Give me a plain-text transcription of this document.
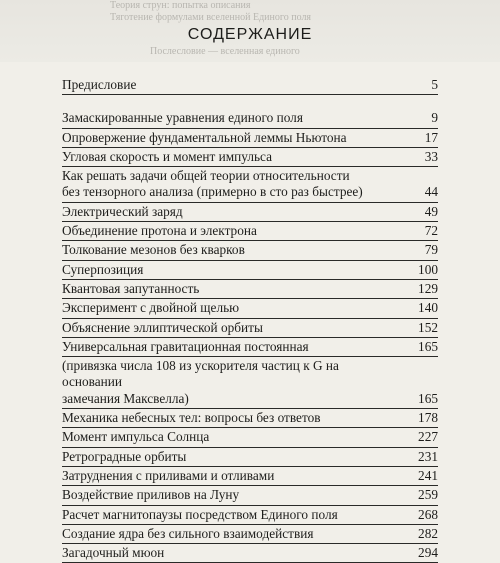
Теория струн: попытка описания
Тяготение формулами вселенной Единого поля
Послесловие — вселенная единого
СОДЕРЖАНИЕ
Предисловие	5
Замаскированные уравнения единого поля	9
Опровержение фундаментальной леммы Ньютона	17
Угловая скорость и момент импульса	33
Как решать задачи общей теории относительности
без тензорного анализа (примерно в сто раз быстрее)	44
Электрический заряд	49
Объединение протона и электрона	72
Толкование мезонов без кварков	79
Суперпозиция	100
Квантовая запутанность	129
Эксперимент с двойной щелью	140
Объяснение эллиптической орбиты	152
Универсальная гравитационная постоянная	165
(привязка числа 108 из ускорителя частиц к G на основании
замечания Максвелла)	165
Механика небесных тел: вопросы без ответов	178
Момент импульса Солнца	227
Ретроградные орбиты	231
Затруднения с приливами и отливами	241
Воздействие приливов на Луну	259
Расчет магнитопаузы посредством Единого поля	268
Создание ядра без сильного взаимодействия	282
Загадочный мюон	294
